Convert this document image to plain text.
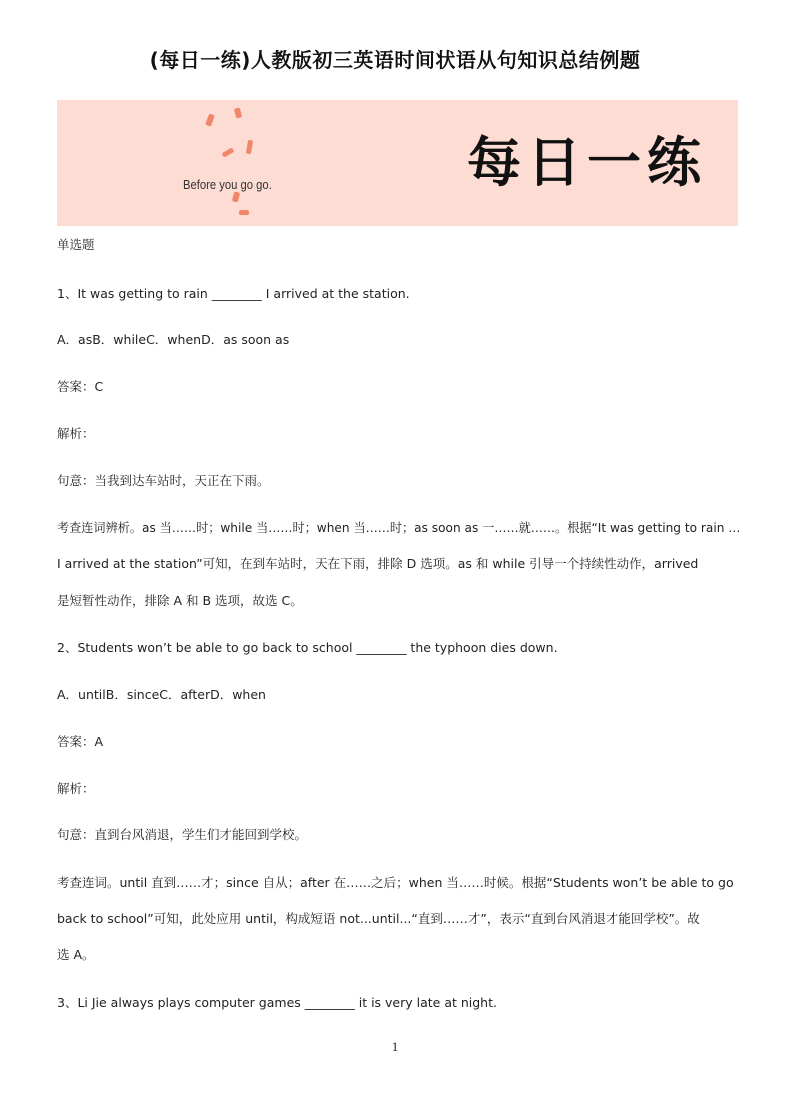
(每日一练)人教版初三英语时间状语从句知识总结例题
Before you go go.	每日一练
单选题
1、It was getting to rain ________ I arrived at the station.
A．asB．whileC．whenD．as soon as
答案：C
解析：
句意：当我到达车站时，天正在下雨。
考查连词辨析。as 当……时；while 当……时；when 当……时；as soon as 一……就……。根据“It was getting to rain …
I arrived at the station”可知，在到车站时，天在下雨，排除 D 选项。as 和 while 引导一个持续性动作，arrived
是短暂性动作，排除 A 和 B 选项，故选 C。
2、Students won’t be able to go back to school ________ the typhoon dies down.
A．untilB．sinceC．afterD．when
答案：A
解析：
句意：直到台风消退，学生们才能回到学校。
考查连词。until 直到……才；since 自从；after 在……之后；when 当……时候。根据“Students won’t be able to go
back to school”可知，此处应用 until，构成短语 not...until...“直到……才”，表示“直到台风消退才能回学校”。故
选 A。
3、Li Jie always plays computer games ________ it is very late at night.
1
